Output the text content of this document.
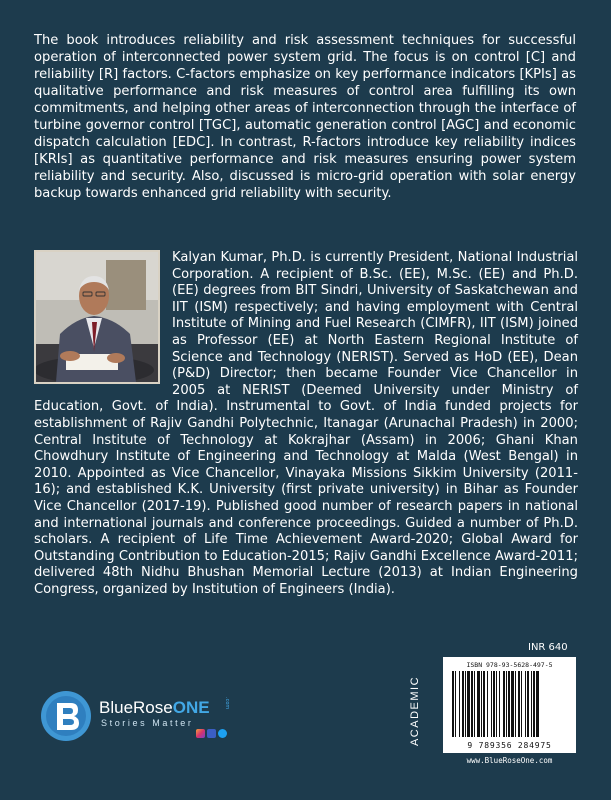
The book introduces reliability and risk assessment techniques for successful operation of interconnected power system grid. The focus is on control [C] and reliability [R] factors. C-factors emphasize on key performance indicators [KPIs] as qualitative performance and risk measures of control area fulfilling its own commitments, and helping other areas of interconnection through the interface of turbine governor control [TGC], automatic generation control [AGC] and economic dispatch calculation [EDC]. In contrast, R-factors introduce key reliability indices [KRIs] as quantitative performance and risk measures ensuring power system reliability and security. Also, discussed is micro-grid operation with solar energy backup towards enhanced grid reliability with security.

Kalyan Kumar, Ph.D. is currently President, National Industrial Corporation. A recipient of B.Sc. (EE), M.Sc. (EE) and Ph.D. (EE) degrees from BIT Sindri, University of Saskatchewan and IIT (ISM) respectively; and having employment with Central Institute of Mining and Fuel Research (CIMFR), IIT (ISM) joined as Professor (EE) at North Eastern Regional Institute of Science and Technology (NERIST). Served as HoD (EE), Dean (P&D) Director; then became Founder Vice Chancellor in 2005 at NERIST (Deemed University under Ministry of Education, Govt. of India). Instrumental to Govt. of India funded projects for establishment of Rajiv Gandhi Polytechnic, Itanagar (Arunachal Pradesh) in 2000; Central Institute of Technology at Kokrajhar (Assam) in 2006; Ghani Khan Chowdhury Institute of Engineering and Technology at Malda (West Bengal) in 2010. Appointed as Vice Chancellor, Vinayaka Missions Sikkim University (2011-16); and established K.K. University (first private university) in Bihar as Founder Vice Chancellor (2017-19). Published good number of research papers in national and international journals and conference proceedings. Guided a number of Ph.D. scholars. A recipient of Life Time Achievement Award-2020; Global Award for Outstanding Contribution to Education-2015; Rajiv Gandhi Excellence Award-2011; delivered 48th Nidhu Bhushan Memorial Lecture (2013) at Indian Engineering Congress, organized by Institution of Engineers (India).
INR 640
ACADEMIC
ISBN 978-93-5628-497-5
9 789356 284975
www.BlueRoseOne.com
BlueRoseONE	.com
Stories Matter
